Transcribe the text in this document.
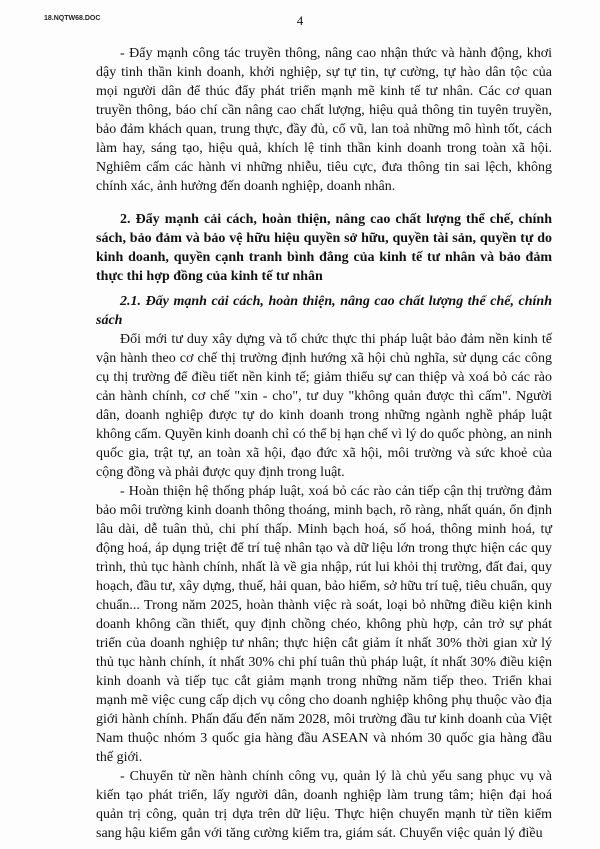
18.NQTW68.DOC	4

- Đẩy mạnh công tác truyền thông, nâng cao nhận thức và hành động, khơi dậy tinh thần kinh doanh, khởi nghiệp, sự tự tin, tự cường, tự hào dân tộc của mọi người dân để thúc đẩy phát triển mạnh mẽ kinh tế tư nhân. Các cơ quan truyền thông, báo chí cần nâng cao chất lượng, hiệu quả thông tin tuyên truyền, bảo đảm khách quan, trung thực, đầy đủ, cổ vũ, lan toả những mô hình tốt, cách làm hay, sáng tạo, hiệu quả, khích lệ tinh thần kinh doanh trong toàn xã hội. Nghiêm cấm các hành vi những nhiễu, tiêu cực, đưa thông tin sai lệch, không chính xác, ảnh hưởng đến doanh nghiệp, doanh nhân.

2. Đẩy mạnh cải cách, hoàn thiện, nâng cao chất lượng thể chế, chính sách, bảo đảm và bảo vệ hữu hiệu quyền sở hữu, quyền tài sản, quyền tự do kinh doanh, quyền cạnh tranh bình đẳng của kinh tế tư nhân và bảo đảm thực thi hợp đồng của kinh tế tư nhân

2.1. Đẩy mạnh cải cách, hoàn thiện, nâng cao chất lượng thể chế, chính sách

Đổi mới tư duy xây dựng và tổ chức thực thi pháp luật bảo đảm nền kinh tế vận hành theo cơ chế thị trường định hướng xã hội chủ nghĩa, sử dụng các công cụ thị trường để điều tiết nền kinh tế; giảm thiểu sự can thiệp và xoá bỏ các rào cản hành chính, cơ chế "xin - cho", tư duy "không quản được thì cấm". Người dân, doanh nghiệp được tự do kinh doanh trong những ngành nghề pháp luật không cấm. Quyền kinh doanh chỉ có thể bị hạn chế vì lý do quốc phòng, an ninh quốc gia, trật tự, an toàn xã hội, đạo đức xã hội, môi trường và sức khoẻ của cộng đồng và phải được quy định trong luật.

- Hoàn thiện hệ thống pháp luật, xoá bỏ các rào cản tiếp cận thị trường đảm bảo môi trường kinh doanh thông thoáng, minh bạch, rõ ràng, nhất quán, ổn định lâu dài, dễ tuân thủ, chi phí thấp. Minh bạch hoá, số hoá, thông minh hoá, tự động hoá, áp dụng triệt để trí tuệ nhân tạo và dữ liệu lớn trong thực hiện các quy trình, thủ tục hành chính, nhất là về gia nhập, rút lui khỏi thị trường, đất đai, quy hoạch, đầu tư, xây dựng, thuế, hải quan, bảo hiểm, sở hữu trí tuệ, tiêu chuẩn, quy chuẩn... Trong năm 2025, hoàn thành việc rà soát, loại bỏ những điều kiện kinh doanh không cần thiết, quy định chồng chéo, không phù hợp, cản trở sự phát triển của doanh nghiệp tư nhân; thực hiện cắt giảm ít nhất 30% thời gian xử lý thủ tục hành chính, ít nhất 30% chi phí tuân thủ pháp luật, ít nhất 30% điều kiện kinh doanh và tiếp tục cắt giảm mạnh trong những năm tiếp theo. Triển khai mạnh mẽ việc cung cấp dịch vụ công cho doanh nghiệp không phụ thuộc vào địa giới hành chính. Phấn đấu đến năm 2028, môi trường đầu tư kinh doanh của Việt Nam thuộc nhóm 3 quốc gia hàng đầu ASEAN và nhóm 30 quốc gia hàng đầu thế giới.

- Chuyển từ nền hành chính công vụ, quản lý là chủ yếu sang phục vụ và kiến tạo phát triển, lấy người dân, doanh nghiệp làm trung tâm; hiện đại hoá quản trị công, quản trị dựa trên dữ liệu. Thực hiện chuyển mạnh từ tiền kiểm sang hậu kiểm gắn với tăng cường kiểm tra, giám sát. Chuyển việc quản lý điều
